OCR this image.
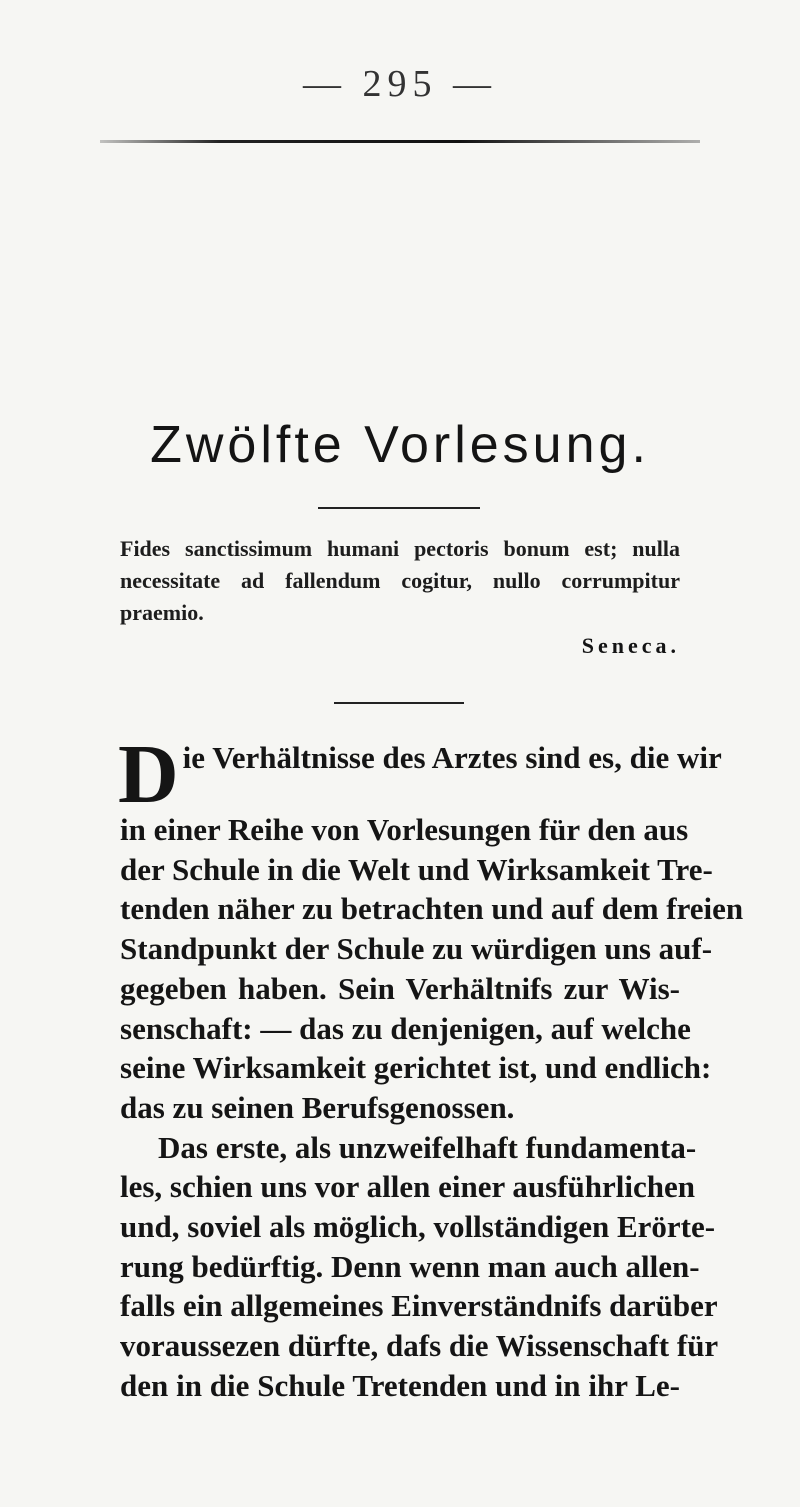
— 295 —
Zwölfte Vorlesung.
Fides sanctissimum humani pectoris bonum est; nulla
necessitate ad fallendum cogitur, nullo corrumpitur
praemio.
Seneca.
D ie Verhältnisse des Arztes sind es, die wir
in einer Reihe von Vorlesungen für den aus
der Schule in die Welt und Wirksamkeit Tre-
tenden näher zu betrachten und auf dem freien
Standpunkt der Schule zu würdigen uns auf-
gegeben haben. Sein Verhältnifs zur Wis-
senschaft: — das zu denjenigen, auf welche
seine Wirksamkeit gerichtet ist, und endlich:
das zu seinen Berufsgenossen.
Das erste, als unzweifelhaft fundamenta-
les, schien uns vor allen einer ausführlichen
und, soviel als möglich, vollständigen Erörte-
rung bedürftig. Denn wenn man auch allen-
falls ein allgemeines Einverständnifs darüber
voraussezen dürfte, dafs die Wissenschaft für
den in die Schule Tretenden und in ihr Le-
